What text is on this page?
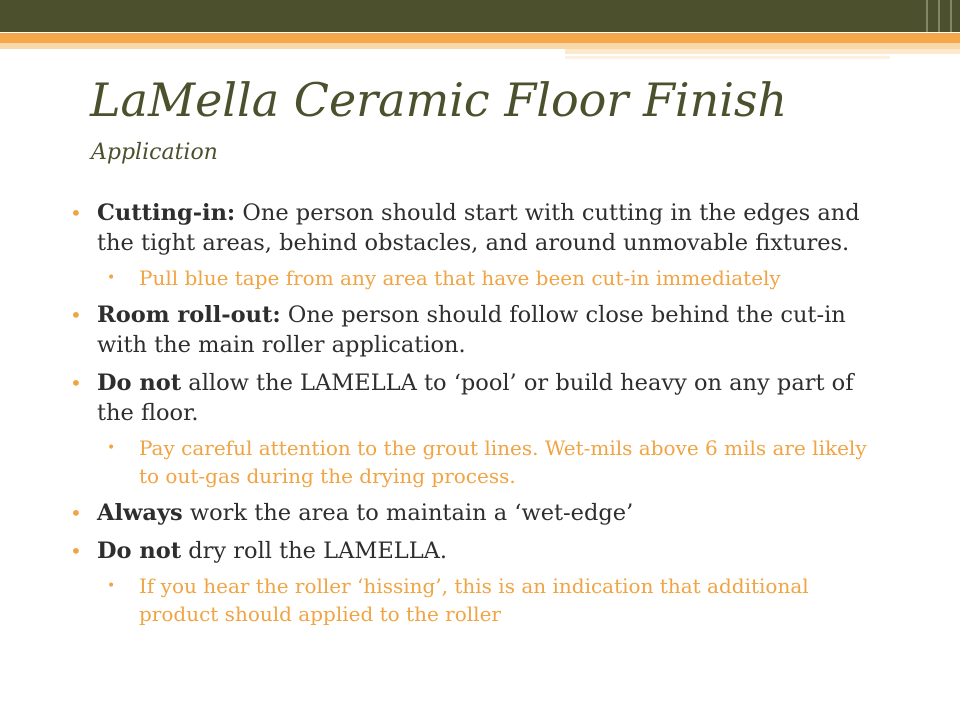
LaMella Ceramic Floor Finish
Application
• Cutting-in: One person should start with cutting in the edges and the tight areas, behind obstacles, and around unmovable fixtures.
• Pull blue tape from any area that have been cut-in immediately
• Room roll-out: One person should follow close behind the cut-in with the main roller application.
• Do not allow the LAMELLA to ‘pool’ or build heavy on any part of the floor.
• Pay careful attention to the grout lines. Wet-mils above 6 mils are likely to out-gas during the drying process.
• Always work the area to maintain a ‘wet-edge’
• Do not dry roll the LAMELLA.
• If you hear the roller ‘hissing’, this is an indication that additional product should applied to the roller
